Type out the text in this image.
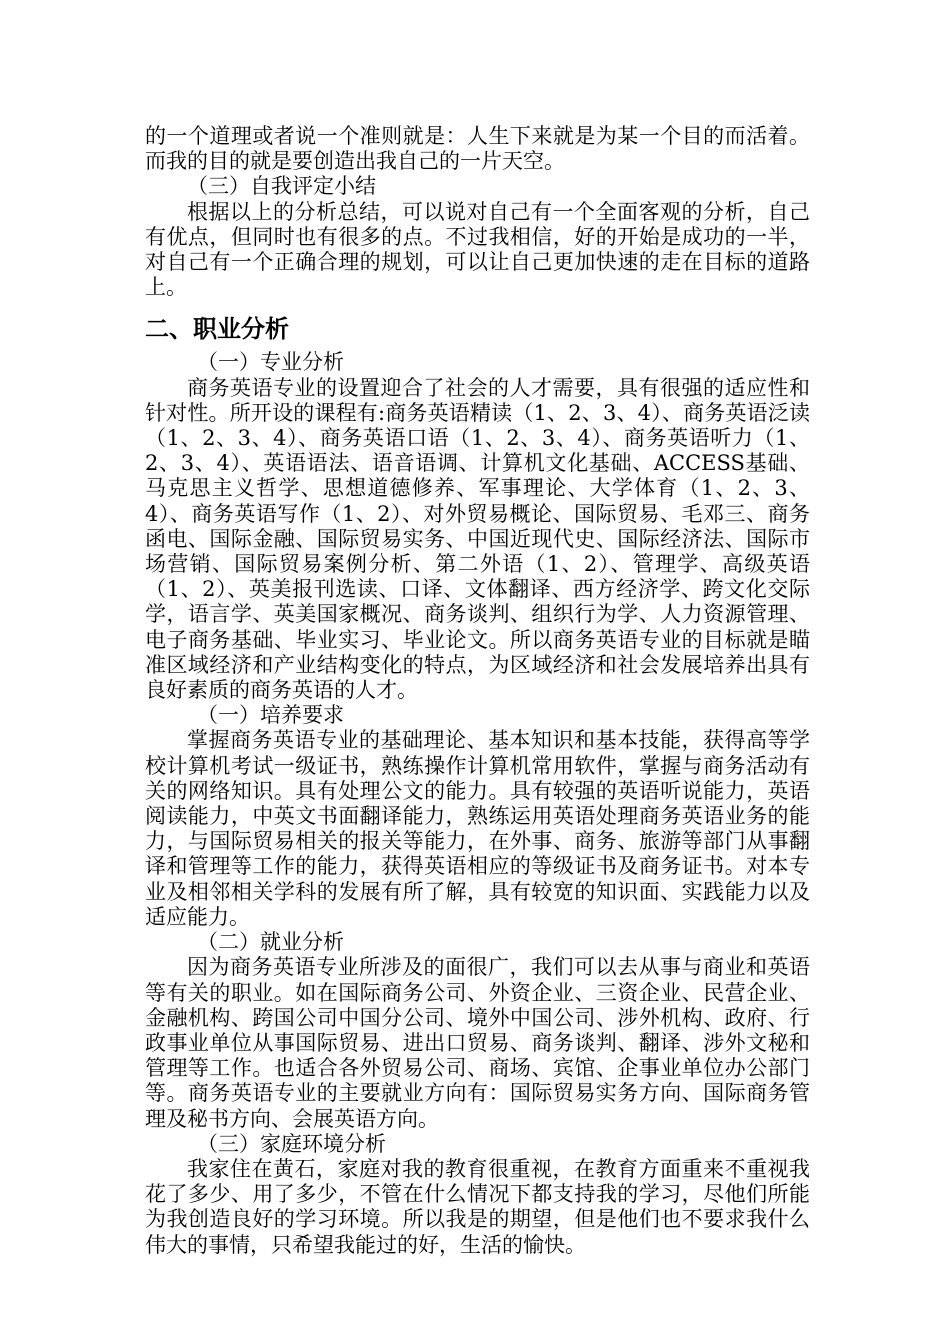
的一个道理或者说一个准则就是：人生下来就是为某一个目的而活着。而我的目的就是要创造出我自己的一片天空。

（三）自我评定小结

根据以上的分析总结，可以说对自己有一个全面客观的分析，自己有优点，但同时也有很多的点。不过我相信，好的开始是成功的一半，对自己有一个正确合理的规划，可以让自己更加快速的走在目标的道路上。

二、职业分析

（一）专业分析

商务英语专业的设置迎合了社会的人才需要，具有很强的适应性和针对性。所开设的课程有:商务英语精读（1、2、3、4）、商务英语泛读（1、2、3、4）、商务英语口语（1、2、3、4）、商务英语听力（1、2、3、4）、英语语法、语音语调、计算机文化基础、ACCESS基础、马克思主义哲学、思想道德修养、军事理论、大学体育（1、2、3、4）、商务英语写作（1、2）、对外贸易概论、国际贸易、毛邓三、商务函电、国际金融、国际贸易实务、中国近现代史、国际经济法、国际市场营销、国际贸易案例分析、第二外语（1、2）、管理学、高级英语（1、2）、英美报刊选读、口译、文体翻译、西方经济学、跨文化交际学，语言学、英美国家概况、商务谈判、组织行为学、人力资源管理、电子商务基础、毕业实习、毕业论文。所以商务英语专业的目标就是瞄准区域经济和产业结构变化的特点，为区域经济和社会发展培养出具有良好素质的商务英语的人才。

（一）培养要求

掌握商务英语专业的基础理论、基本知识和基本技能，获得高等学校计算机考试一级证书，熟练操作计算机常用软件，掌握与商务活动有关的网络知识。具有处理公文的能力。具有较强的英语听说能力，英语阅读能力，中英文书面翻译能力，熟练运用英语处理商务英语业务的能力，与国际贸易相关的报关等能力，在外事、商务、旅游等部门从事翻译和管理等工作的能力，获得英语相应的等级证书及商务证书。对本专业及相邻相关学科的发展有所了解，具有较宽的知识面、实践能力以及适应能力。

（二）就业分析

因为商务英语专业所涉及的面很广，我们可以去从事与商业和英语等有关的职业。如在国际商务公司、外资企业、三资企业、民营企业、金融机构、跨国公司中国分公司、境外中国公司、涉外机构、政府、行政事业单位从事国际贸易、进出口贸易、商务谈判、翻译、涉外文秘和管理等工作。也适合各外贸易公司、商场、宾馆、企事业单位办公部门等。商务英语专业的主要就业方向有：国际贸易实务方向、国际商务管理及秘书方向、会展英语方向。

（三）家庭环境分析

我家住在黄石，家庭对我的教育很重视，在教育方面重来不重视我花了多少、用了多少，不管在什么情况下都支持我的学习，尽他们所能为我创造良好的学习环境。所以我是的期望，但是他们也不要求我什么伟大的事情，只希望我能过的好，生活的愉快。
